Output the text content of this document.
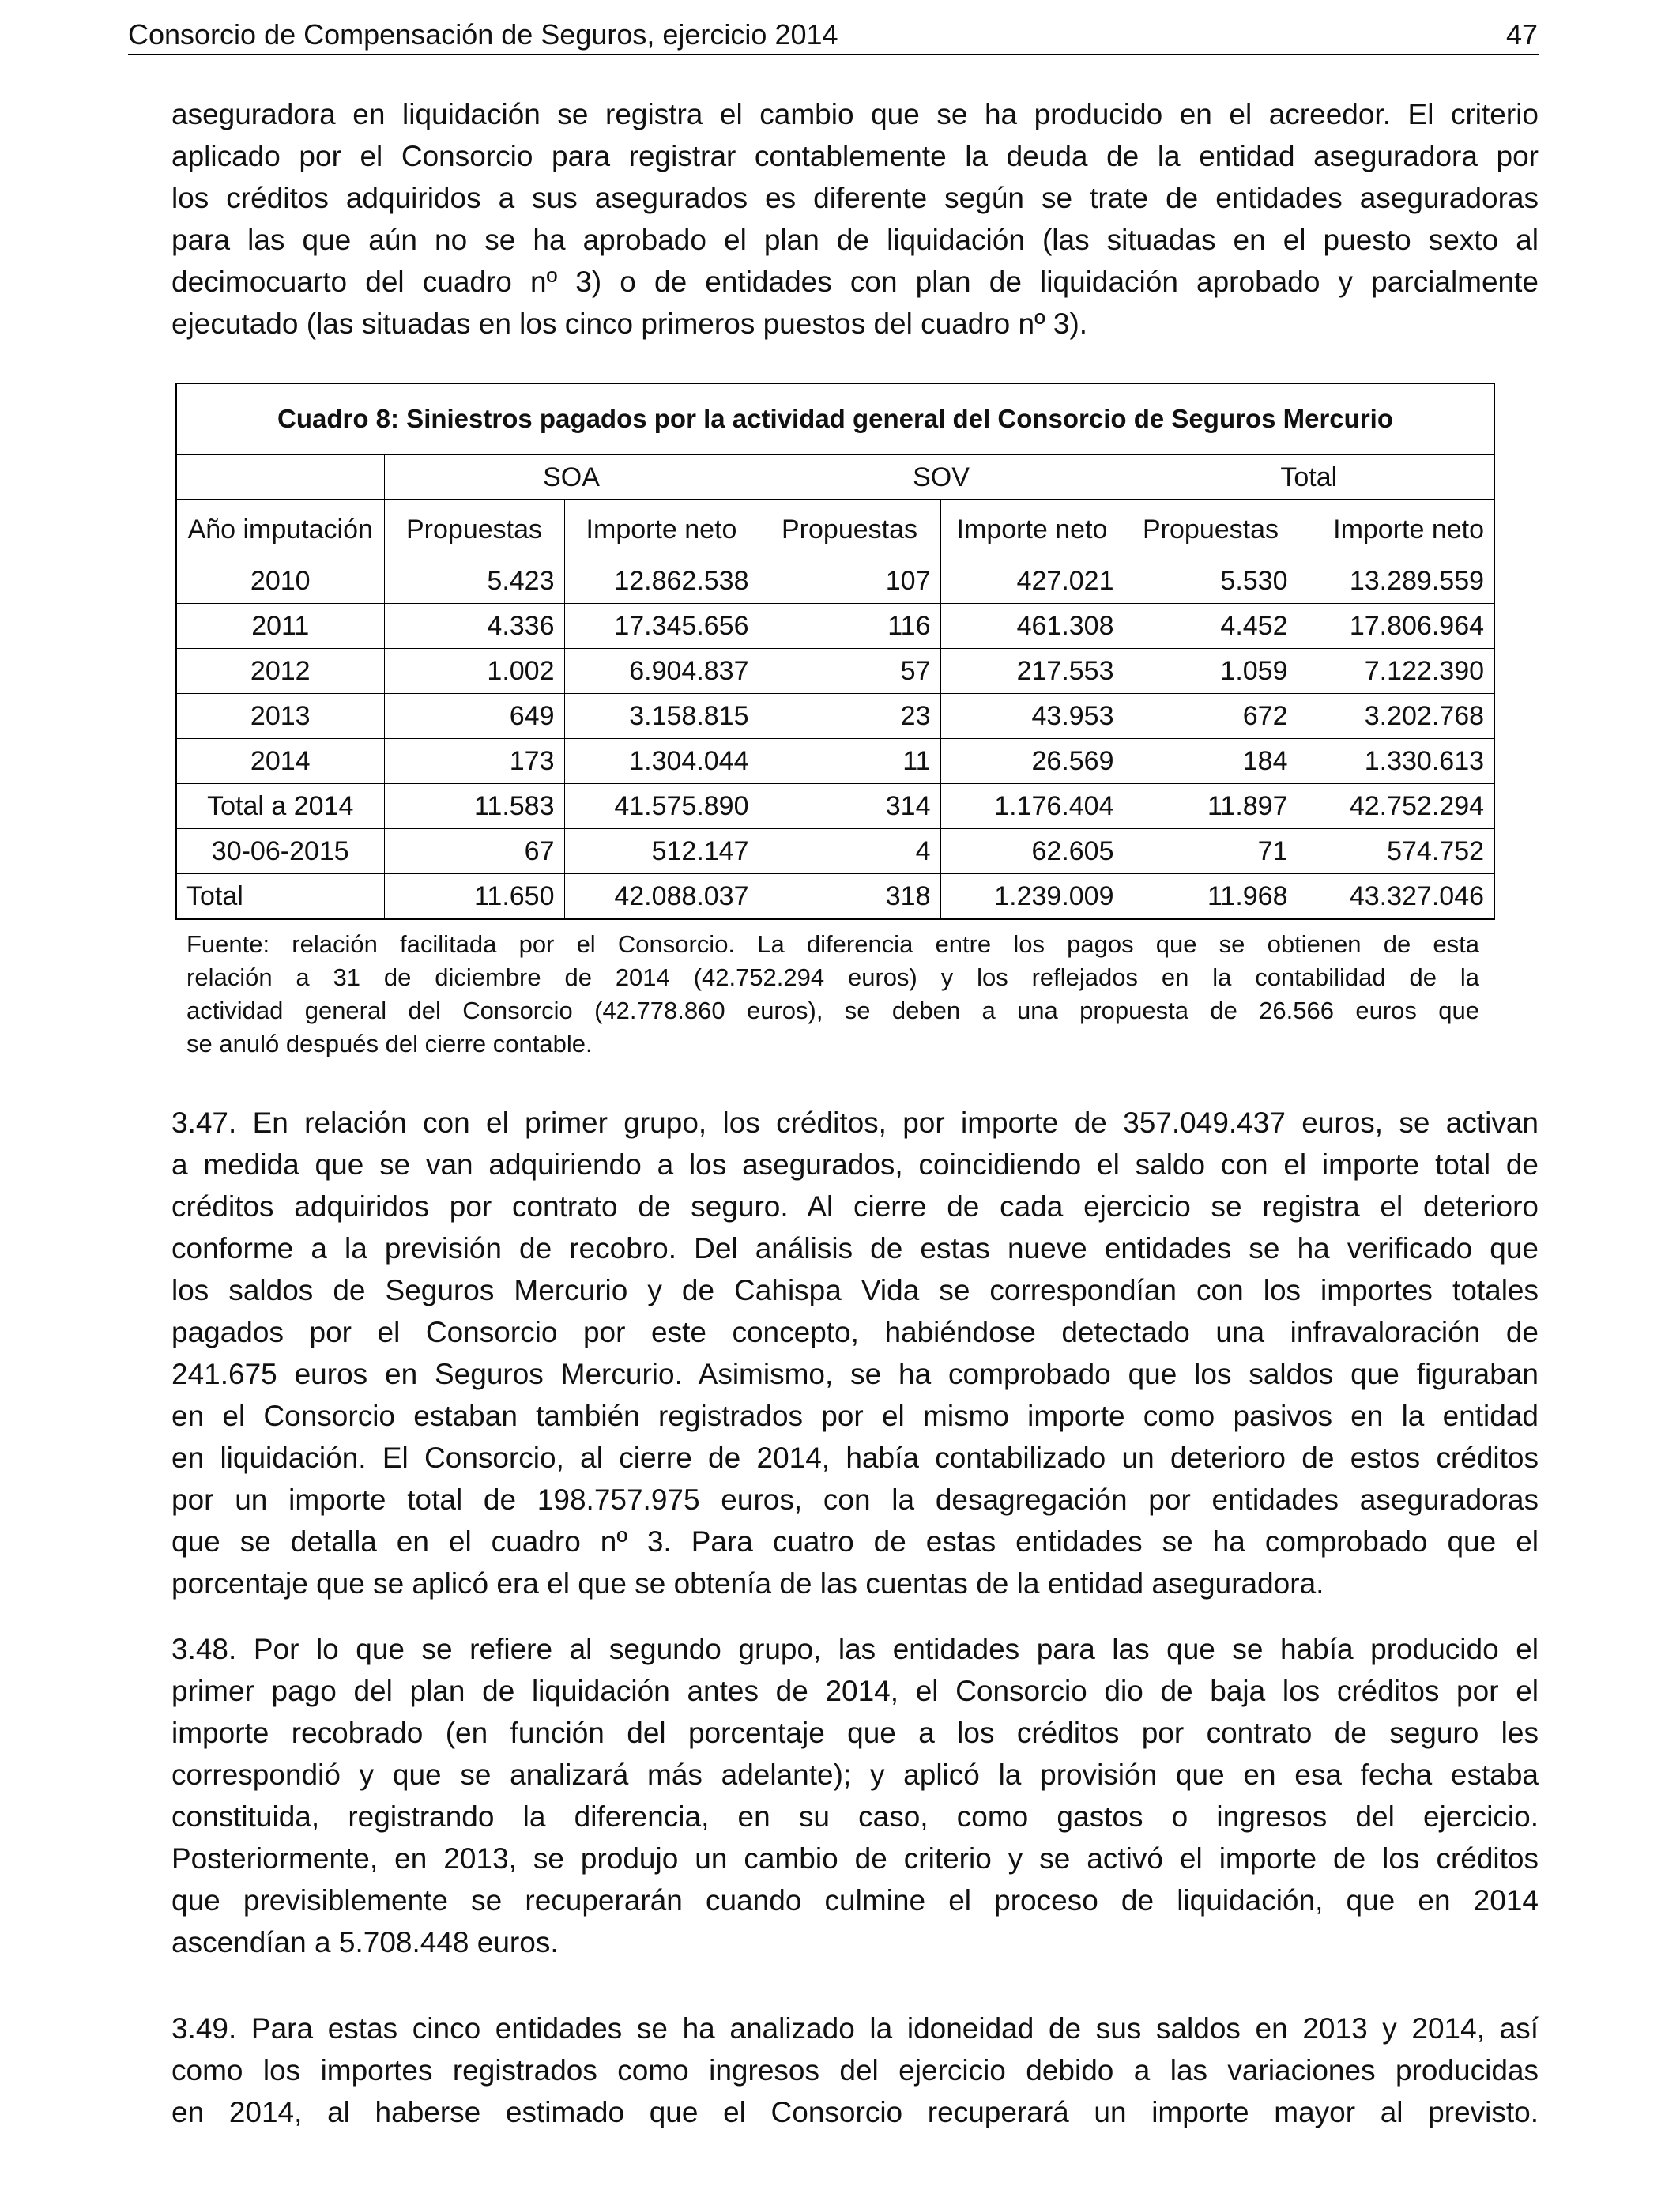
Consorcio de Compensación de Seguros, ejercicio 2014	47
aseguradora en liquidación se registra el cambio que se ha producido en el acreedor. El criterio
aplicado por el Consorcio para registrar contablemente la deuda de la entidad aseguradora por
los créditos adquiridos a sus asegurados es diferente según se trate de entidades aseguradoras
para las que aún no se ha aprobado el plan de liquidación (las situadas en el puesto sexto al
decimocuarto del cuadro nº 3) o de entidades con plan de liquidación aprobado y parcialmente
ejecutado (las situadas en los cinco primeros puestos del cuadro nº 3).
Cuadro 8: Siniestros pagados por la actividad general del Consorcio de Seguros Mercurio
	SOA		SOV		Total	
Año imputación	Propuestas	Importe neto	Propuestas	Importe neto	Propuestas	Importe neto
2010	5.423	12.862.538	107	427.021	5.530	13.289.559
2011	4.336	17.345.656	116	461.308	4.452	17.806.964
2012	1.002	6.904.837	57	217.553	1.059	7.122.390
2013	649	3.158.815	23	43.953	672	3.202.768
2014	173	1.304.044	11	26.569	184	1.330.613
Total a 2014	11.583	41.575.890	314	1.176.404	11.897	42.752.294
30-06-2015	67	512.147	4	62.605	71	574.752
Total	11.650	42.088.037	318	1.239.009	11.968	43.327.046
Fuente: relación facilitada por el Consorcio. La diferencia entre los pagos que se obtienen de esta
relación a 31 de diciembre de 2014 (42.752.294 euros) y los reflejados en la contabilidad de la
actividad general del Consorcio (42.778.860 euros), se deben a una propuesta de 26.566 euros que
se anuló después del cierre contable.
3.47. En relación con el primer grupo, los créditos, por importe de 357.049.437 euros, se activan
a medida que se van adquiriendo a los asegurados, coincidiendo el saldo con el importe total de
créditos adquiridos por contrato de seguro. Al cierre de cada ejercicio se registra el deterioro
conforme a la previsión de recobro. Del análisis de estas nueve entidades se ha verificado que
los saldos de Seguros Mercurio y de Cahispa Vida se correspondían con los importes totales
pagados por el Consorcio por este concepto, habiéndose detectado una infravaloración de
241.675 euros en Seguros Mercurio. Asimismo, se ha comprobado que los saldos que figuraban
en el Consorcio estaban también registrados por el mismo importe como pasivos en la entidad
en liquidación. El Consorcio, al cierre de 2014, había contabilizado un deterioro de estos créditos
por un importe total de 198.757.975 euros, con la desagregación por entidades aseguradoras
que se detalla en el cuadro nº 3. Para cuatro de estas entidades se ha comprobado que el
porcentaje que se aplicó era el que se obtenía de las cuentas de la entidad aseguradora.
3.48. Por lo que se refiere al segundo grupo, las entidades para las que se había producido el
primer pago del plan de liquidación antes de 2014, el Consorcio dio de baja los créditos por el
importe recobrado (en función del porcentaje que a los créditos por contrato de seguro les
correspondió y que se analizará más adelante); y aplicó la provisión que en esa fecha estaba
constituida, registrando la diferencia, en su caso, como gastos o ingresos del ejercicio.
Posteriormente, en 2013, se produjo un cambio de criterio y se activó el importe de los créditos
que previsiblemente se recuperarán cuando culmine el proceso de liquidación, que en 2014
ascendían a 5.708.448 euros.
3.49. Para estas cinco entidades se ha analizado la idoneidad de sus saldos en 2013 y 2014, así
como los importes registrados como ingresos del ejercicio debido a las variaciones producidas
en 2014, al haberse estimado que el Consorcio recuperará un importe mayor al previsto.
